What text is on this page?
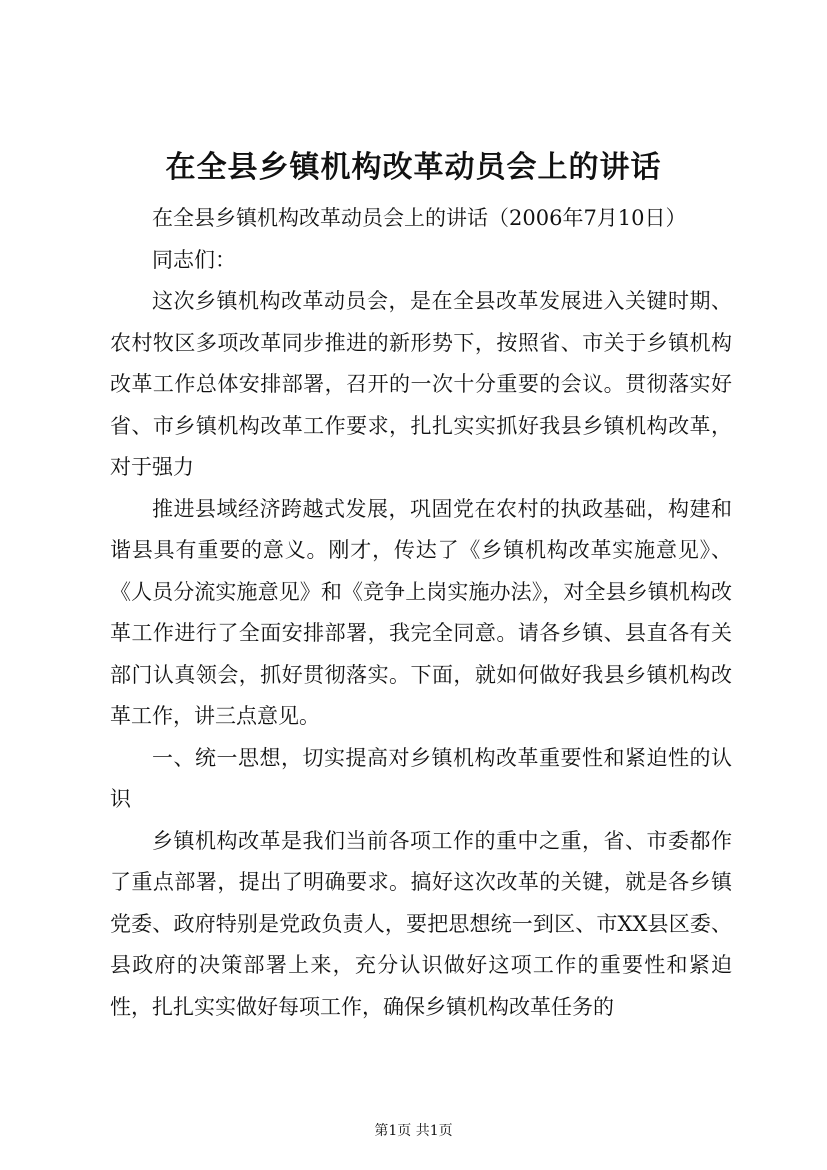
在全县乡镇机构改革动员会上的讲话

在全县乡镇机构改革动员会上的讲话（2006年7月10日）

同志们：

这次乡镇机构改革动员会，是在全县改革发展进入关键时期、农村牧区多项改革同步推进的新形势下，按照省、市关于乡镇机构改革工作总体安排部署，召开的一次十分重要的会议。贯彻落实好省、市乡镇机构改革工作要求，扎扎实实抓好我县乡镇机构改革，对于强力

推进县域经济跨越式发展，巩固党在农村的执政基础，构建和谐县具有重要的意义。刚才，传达了《乡镇机构改革实施意见》、《人员分流实施意见》和《竞争上岗实施办法》，对全县乡镇机构改革工作进行了全面安排部署，我完全同意。请各乡镇、县直各有关部门认真领会，抓好贯彻落实。下面，就如何做好我县乡镇机构改革工作，讲三点意见。

一、统一思想，切实提高对乡镇机构改革重要性和紧迫性的认识

乡镇机构改革是我们当前各项工作的重中之重，省、市委都作了重点部署，提出了明确要求。搞好这次改革的关键，就是各乡镇党委、政府特别是党政负责人，要把思想统一到区、市XX县区委、县政府的决策部署上来，充分认识做好这项工作的重要性和紧迫性，扎扎实实做好每项工作，确保乡镇机构改革任务的

第1页 共1页
